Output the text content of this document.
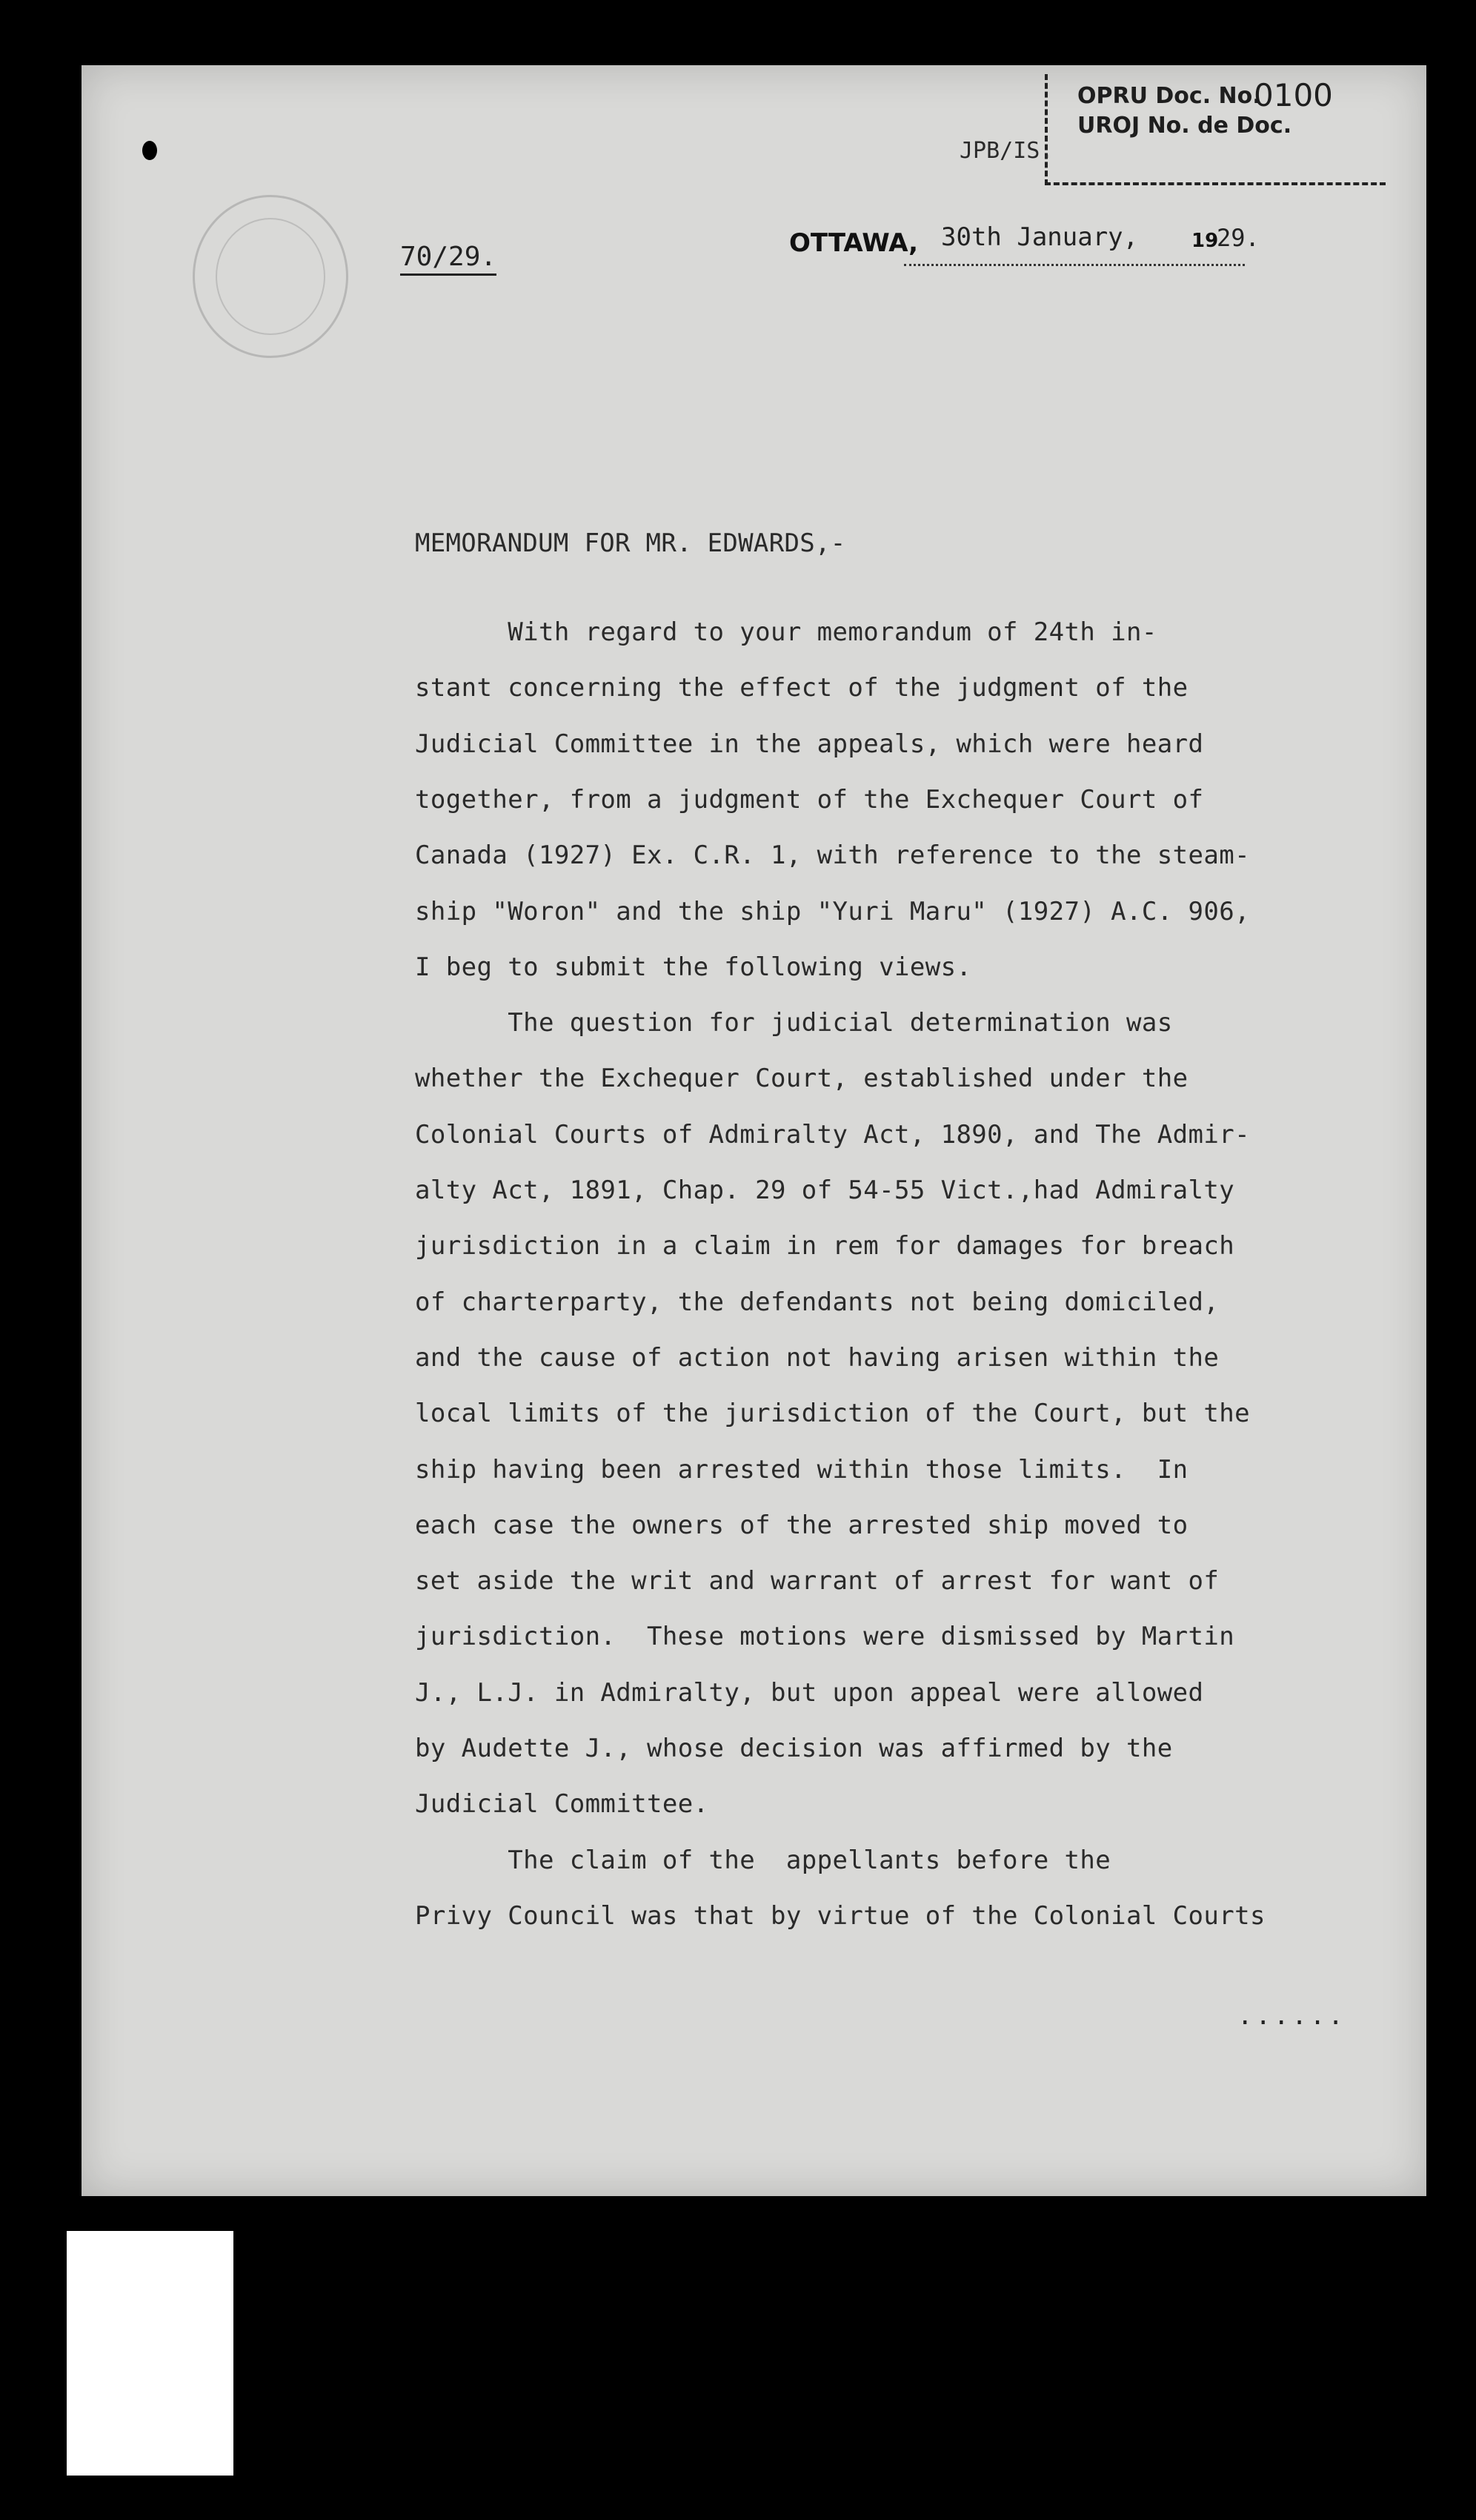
OPRU Doc. No.
UROJ No. de Doc.
0100
JPB/IS.
70/29.	OTTAWA, 30th January,	19
29.
MEMORANDUM FOR MR. EDWARDS,-
With regard to your memorandum of 24th in-
stant concerning the effect of the judgment of the
Judicial Committee in the appeals, which were heard
together, from a judgment of the Exchequer Court of
Canada (1927) Ex. C.R. 1, with reference to the steam-
ship "Woron" and the ship "Yuri Maru" (1927) A.C. 906,
I beg to submit the following views.
The question for judicial determination was
whether the Exchequer Court, established under the
Colonial Courts of Admiralty Act, 1890, and The Admir-
alty Act, 1891, Chap. 29 of 54-55 Vict.,had Admiralty
jurisdiction in a claim in rem for damages for breach
of charterparty, the defendants not being domiciled,
and the cause of action not having arisen within the
local limits of the jurisdiction of the Court, but the
ship having been arrested within those limits.  In
each case the owners of the arrested ship moved to
set aside the writ and warrant of arrest for want of
jurisdiction.  These motions were dismissed by Martin
J., L.J. in Admiralty, but upon appeal were allowed
by Audette J., whose decision was affirmed by the
Judicial Committee.
The claim of the  appellants before the
Privy Council was that by virtue of the Colonial Courts
......
